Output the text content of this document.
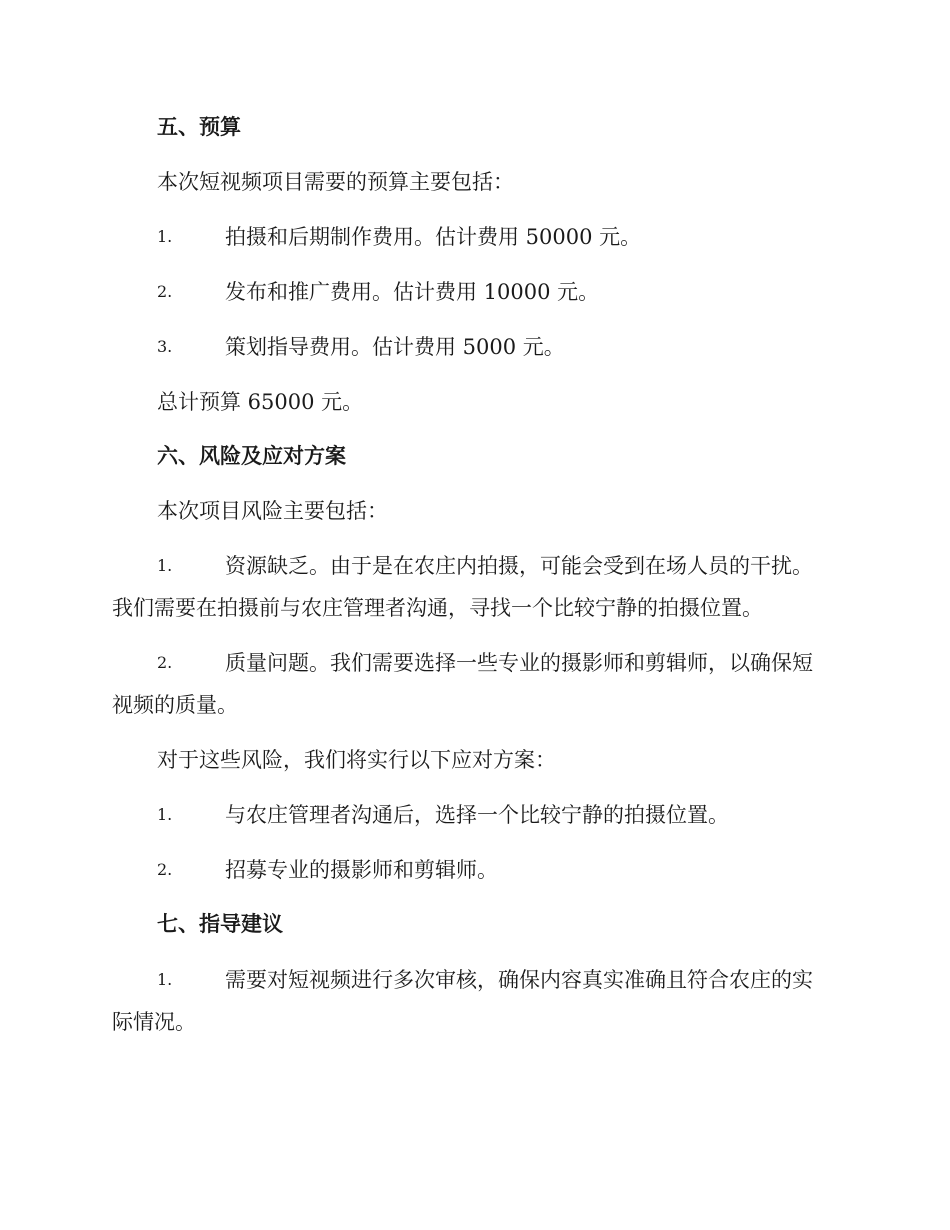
五、预算
本次短视频项目需要的预算主要包括：
1.	拍摄和后期制作费用。估计费用 50000 元。
2.	发布和推广费用。估计费用 10000 元。
3.	策划指导费用。估计费用 5000 元。
总计预算 65000 元。
六、风险及应对方案
本次项目风险主要包括：
1.	资源缺乏。由于是在农庄内拍摄，可能会受到在场人员的干扰。
我们需要在拍摄前与农庄管理者沟通，寻找一个比较宁静的拍摄位置。
2.	质量问题。我们需要选择一些专业的摄影师和剪辑师，以确保短
视频的质量。
对于这些风险，我们将实行以下应对方案：
1.	与农庄管理者沟通后，选择一个比较宁静的拍摄位置。
2.	招募专业的摄影师和剪辑师。
七、指导建议
1.	需要对短视频进行多次审核，确保内容真实准确且符合农庄的实
际情况。
